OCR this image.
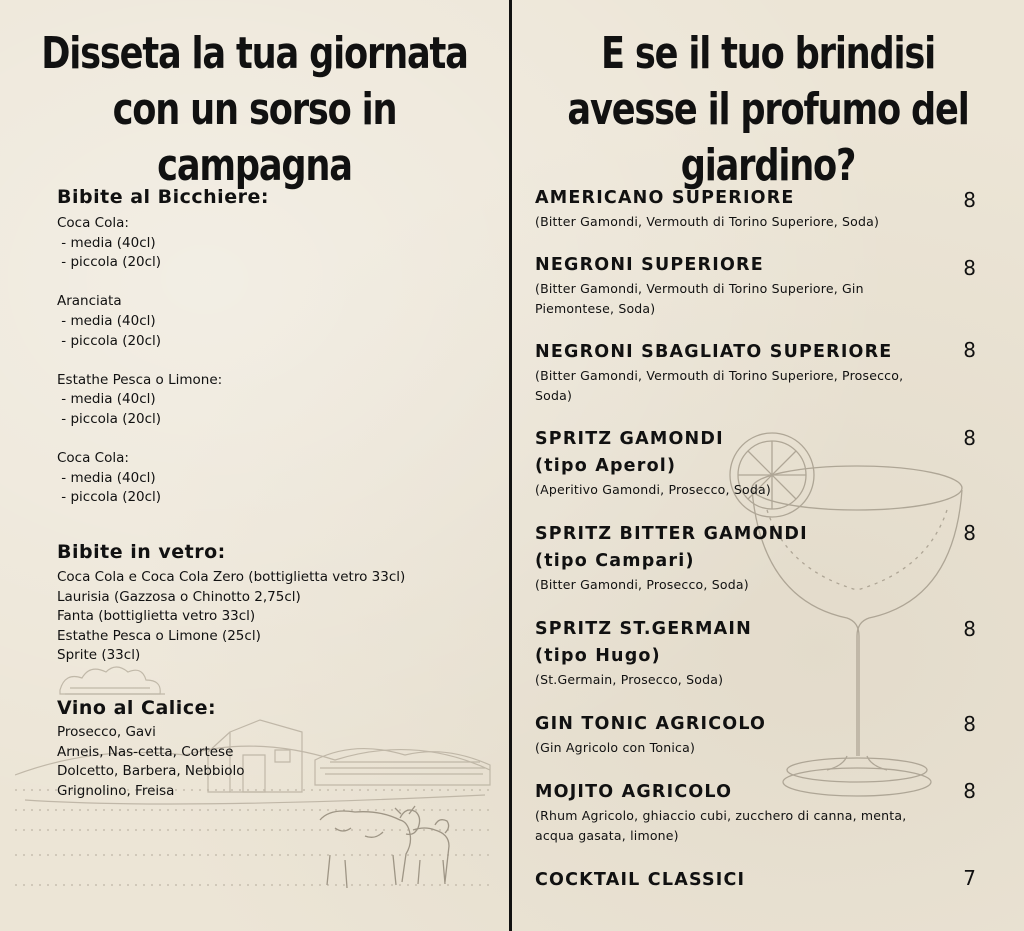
Disseta la tua giornata
con un sorso in
campagna
Bibite al Bicchiere:
Coca Cola:
- media (40cl)
- piccola (20cl)
Aranciata
- media (40cl)
- piccola (20cl)
Estathe Pesca o Limone:
- media (40cl)
- piccola (20cl)
Coca Cola:
- media (40cl)
- piccola (20cl)
Bibite in vetro:
Coca Cola e Coca Cola Zero (bottiglietta vetro 33cl)
Laurisia (Gazzosa o Chinotto 2,75cl)
Fanta (bottiglietta vetro 33cl)
Estathe Pesca o Limone (25cl)
Sprite (33cl)
Vino al Calice:
Prosecco, Gavi
Arneis, Nas-cetta, Cortese
Dolcetto, Barbera, Nebbiolo
Grignolino, Freisa
E se il tuo brindisi
avesse il profumo del
giardino?

AMERICANO SUPERIORE

(Bitter Gamondi, Vermouth di Torino Superiore, Soda)

8

NEGRONI SUPERIORE

(Bitter Gamondi, Vermouth di Torino Superiore, Gin
Piemontese, Soda)

8

NEGRONI SBAGLIATO SUPERIORE

(Bitter Gamondi, Vermouth di Torino Superiore, Prosecco,
Soda)

8

SPRITZ GAMONDI
(tipo Aperol)

(Aperitivo Gamondi, Prosecco, Soda)

8

SPRITZ BITTER GAMONDI
(tipo Campari)

(Bitter Gamondi, Prosecco, Soda)

8

SPRITZ ST.GERMAIN
(tipo Hugo)

(St.Germain, Prosecco, Soda)

8

GIN TONIC AGRICOLO

(Gin Agricolo con Tonica)

8

MOJITO AGRICOLO

(Rhum Agricolo, ghiaccio cubi, zucchero di canna, menta,
acqua gasata, limone)

8

COCKTAIL CLASSICI	7
